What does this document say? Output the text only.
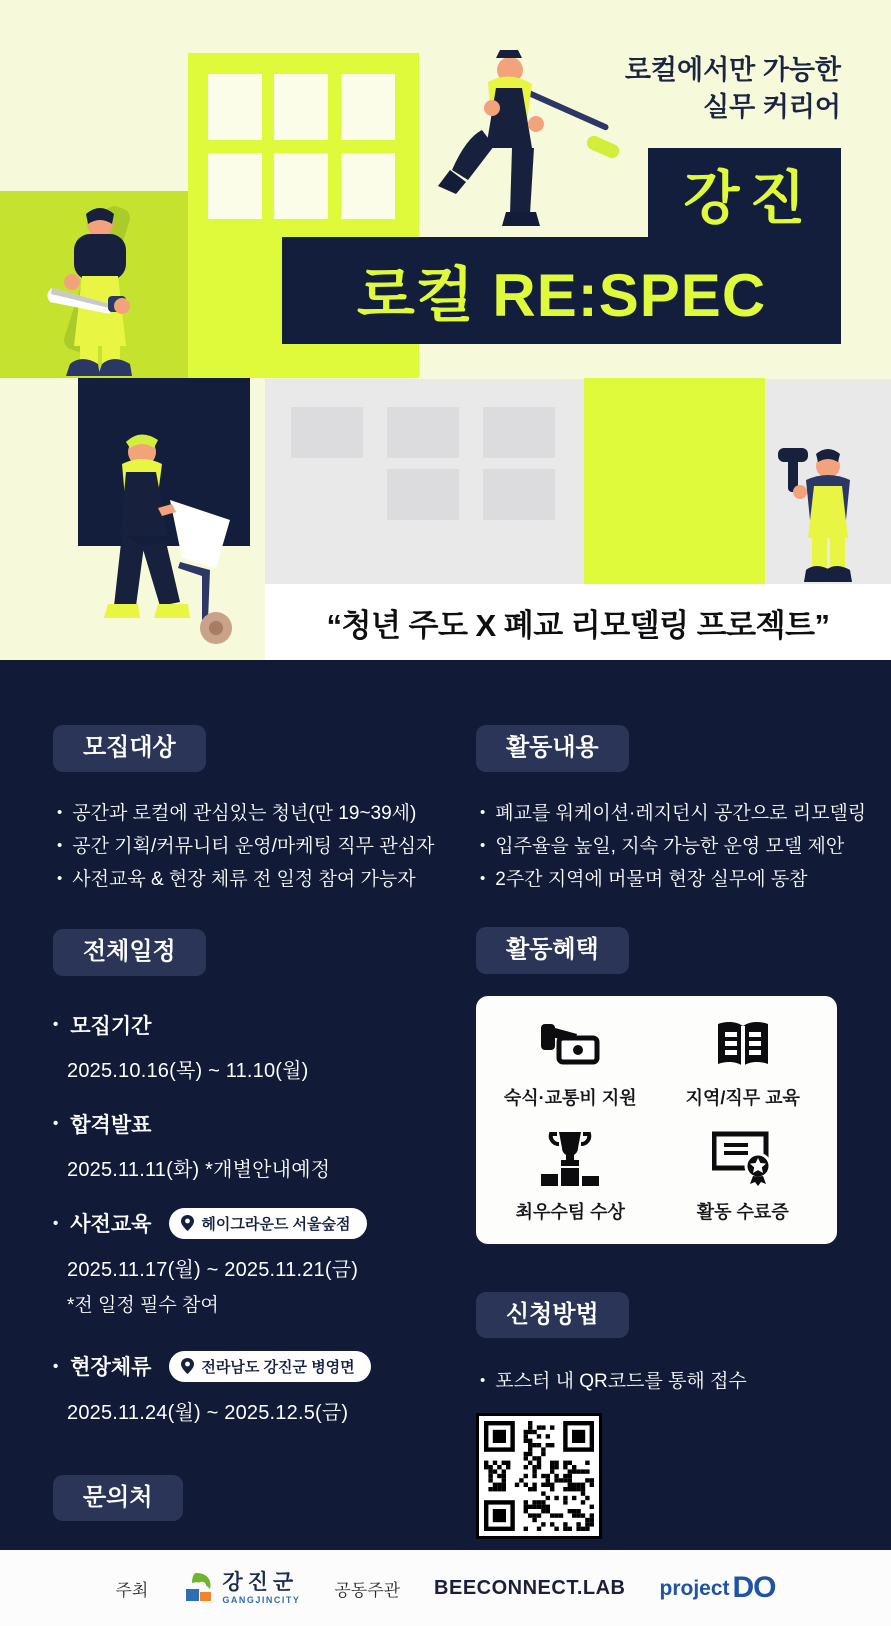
로컬에서만 가능한
실무 커리어
강진
로컬 RE:SPEC
“청년 주도 X 폐교 리모델링 프로젝트”
모집대상
• 공간과 로컬에 관심있는 청년(만 19~39세)
• 공간 기획/커뮤니티 운영/마케팅 직무 관심자
• 사전교육 & 현장 체류 전 일정 참여 가능자
전체일정
• 모집기간
2025.10.16(목) ~ 11.10(월)
• 합격발표
2025.11.11(화) *개별안내예정
• 사전교육	헤이그라운드 서울숲점
2025.11.17(월) ~ 2025.11.21(금)
*전 일정 필수 참여
• 현장체류	전라남도 강진군 병영면
2025.11.24(월) ~ 2025.12.5(금)
문의처
•
활동내용
• 폐교를 워케이션·레지던시 공간으로 리모델링
• 입주율을 높일, 지속 가능한 운영 모델 제안
• 2주간 지역에 머물며 현장 실무에 동참
활동혜택
숙식·교통비 지원	지역/직무 교육
최우수팀 수상	활동 수료증
신청방법
• 포스터 내 QR코드를 통해 접수
주최	강진군
GANGJINCITY 공동주관 BEECONNECT.LAB project DO
